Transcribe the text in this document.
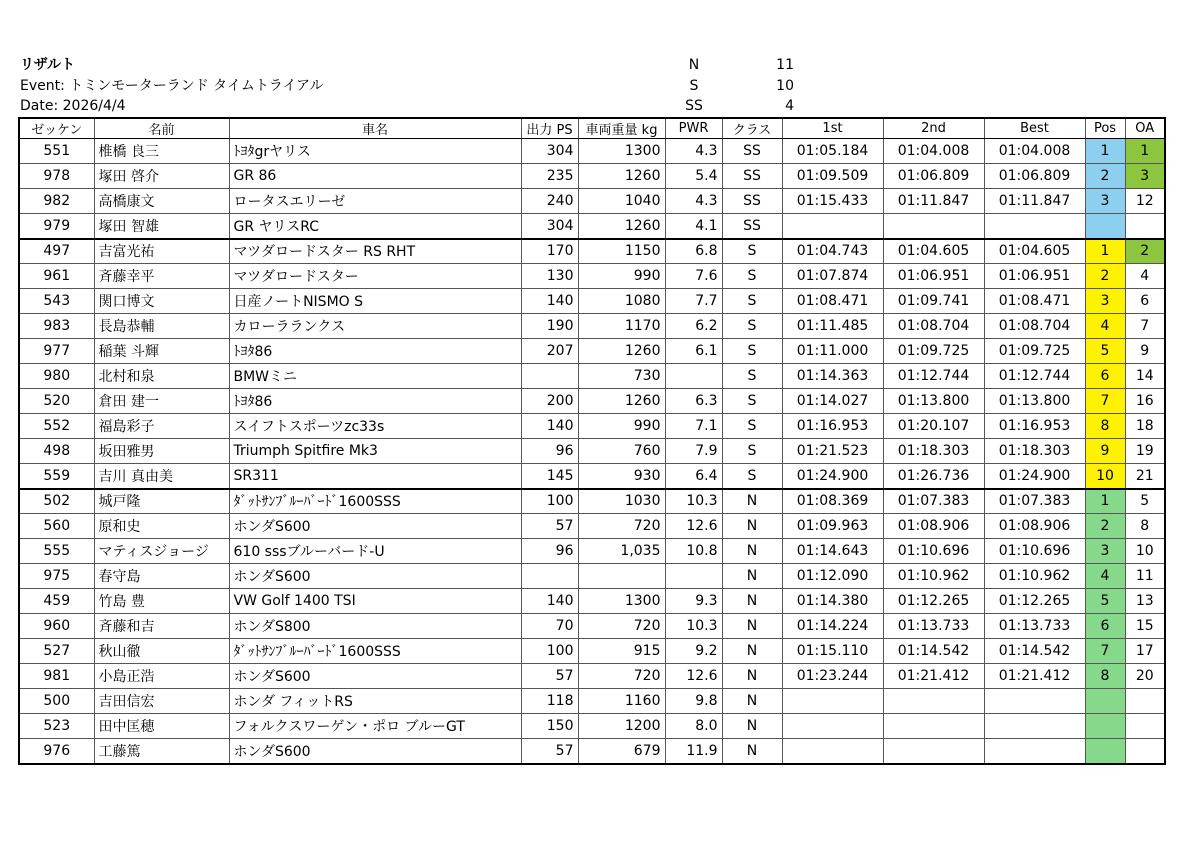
リザルト
Event: トミンモーターランド タイムトライアル
Date: 2026/4/4
N	11
S	10
SS	4
ゼッケン	名前	車名	出力 PS	車両重量 kg	PWR	クラス	1st	2nd	Best	Pos	OA
551	椎橋 良三	ﾄﾖﾀgrヤリス	304	1300	4.3	SS	01:05.184	01:04.008	01:04.008	1	1
978	塚田 啓介	GR 86	235	1260	5.4	SS	01:09.509	01:06.809	01:06.809	2	3
982	高橋康文	ロータスエリーゼ	240	1040	4.3	SS	01:15.433	01:11.847	01:11.847	3	12
979	塚田 智雄	GR ヤリスRC	304	1260	4.1	SS					
497	吉富光祐	マツダロードスター RS RHT	170	1150	6.8	S	01:04.743	01:04.605	01:04.605	1	2
961	斉藤幸平	マツダロードスター	130	990	7.6	S	01:07.874	01:06.951	01:06.951	2	4
543	関口博文	日産ノートNISMO S	140	1080	7.7	S	01:08.471	01:09.741	01:08.471	3	6
983	長島恭輔	カローラランクス	190	1170	6.2	S	01:11.485	01:08.704	01:08.704	4	7
977	稲葉 斗輝	ﾄﾖﾀ86	207	1260	6.1	S	01:11.000	01:09.725	01:09.725	5	9
980	北村和泉	BMWミニ		730		S	01:14.363	01:12.744	01:12.744	6	14
520	倉田 建一	ﾄﾖﾀ86	200	1260	6.3	S	01:14.027	01:13.800	01:13.800	7	16
552	福島彩子	スイフトスポーツzc33s	140	990	7.1	S	01:16.953	01:20.107	01:16.953	8	18
498	坂田雅男	Triumph Spitfire Mk3	96	760	7.9	S	01:21.523	01:18.303	01:18.303	9	19
559	吉川 真由美	SR311	145	930	6.4	S	01:24.900	01:26.736	01:24.900	10	21
502	城戸隆	ﾀﾞｯﾄｻﾝﾌﾞﾙｰﾊﾞｰﾄﾞ1600SSS	100	1030	10.3	N	01:08.369	01:07.383	01:07.383	1	5
560	原和史	ホンダS600	57	720	12.6	N	01:09.963	01:08.906	01:08.906	2	8
555	マティスジョージ	610 sssブルーバード-U	96	1,035	10.8	N	01:14.643	01:10.696	01:10.696	3	10
975	春守島	ホンダS600				N	01:12.090	01:10.962	01:10.962	4	11
459	竹島 豊	VW Golf 1400 TSI	140	1300	9.3	N	01:14.380	01:12.265	01:12.265	5	13
960	斉藤和吉	ホンダS800	70	720	10.3	N	01:14.224	01:13.733	01:13.733	6	15
527	秋山徹	ﾀﾞｯﾄｻﾝﾌﾞﾙｰﾊﾞｰﾄﾞ1600SSS	100	915	9.2	N	01:15.110	01:14.542	01:14.542	7	17
981	小島正浩	ホンダS600	57	720	12.6	N	01:23.244	01:21.412	01:21.412	8	20
500	吉田信宏	ホンダ フィットRS	118	1160	9.8	N					
523	田中匡穂	フォルクスワーゲン・ポロ ブルーGT	150	1200	8.0	N					
976	工藤篤	ホンダS600	57	679	11.9	N					
